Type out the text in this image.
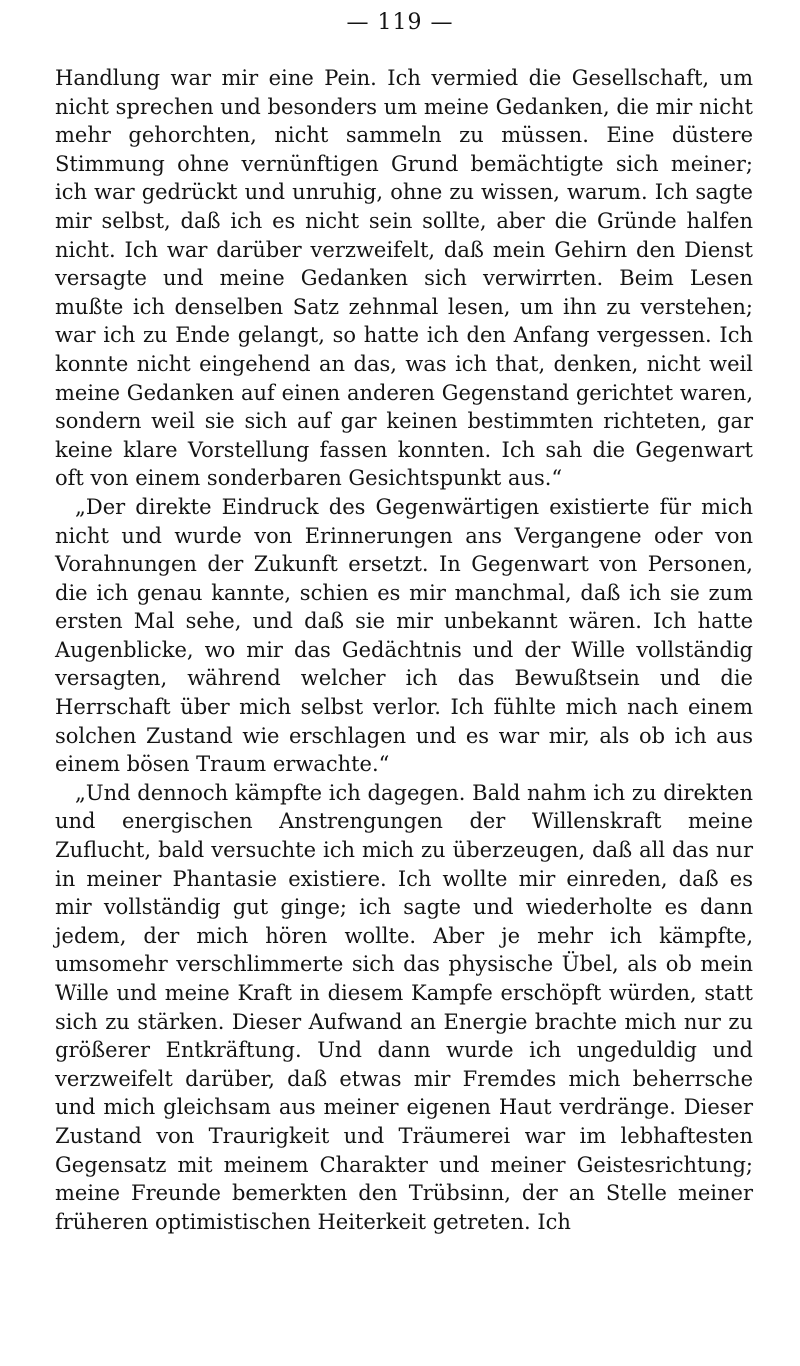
— 119 —

Handlung war mir eine Pein. Ich vermied die Gesellschaft, um nicht sprechen und besonders um meine Gedanken, die mir nicht mehr gehorchten, nicht sammeln zu müssen. Eine düstere Stimmung ohne vernünftigen Grund bemächtigte sich meiner; ich war gedrückt und unruhig, ohne zu wissen, warum. Ich sagte mir selbst, daß ich es nicht sein sollte, aber die Gründe halfen nicht. Ich war darüber verzweifelt, daß mein Gehirn den Dienst versagte und meine Gedanken sich verwirrten. Beim Lesen mußte ich denselben Satz zehnmal lesen, um ihn zu verstehen; war ich zu Ende gelangt, so hatte ich den Anfang vergessen. Ich konnte nicht eingehend an das, was ich that, denken, nicht weil meine Gedanken auf einen anderen Gegenstand gerichtet waren, sondern weil sie sich auf gar keinen bestimmten richteten, gar keine klare Vorstellung fassen konnten. Ich sah die Gegenwart oft von einem sonderbaren Gesichtspunkt aus.“

„Der direkte Eindruck des Gegenwärtigen existierte für mich nicht und wurde von Erinnerungen ans Vergangene oder von Vorahnungen der Zukunft ersetzt. In Gegenwart von Personen, die ich genau kannte, schien es mir manchmal, daß ich sie zum ersten Mal sehe, und daß sie mir unbekannt wären. Ich hatte Augenblicke, wo mir das Gedächtnis und der Wille vollständig versagten, während welcher ich das Bewußtsein und die Herrschaft über mich selbst verlor. Ich fühlte mich nach einem solchen Zustand wie erschlagen und es war mir, als ob ich aus einem bösen Traum erwachte.“

„Und dennoch kämpfte ich dagegen. Bald nahm ich zu direkten und energischen Anstrengungen der Willenskraft meine Zuflucht, bald versuchte ich mich zu überzeugen, daß all das nur in meiner Phantasie existiere. Ich wollte mir einreden, daß es mir vollständig gut ginge; ich sagte und wiederholte es dann jedem, der mich hören wollte. Aber je mehr ich kämpfte, umsomehr verschlimmerte sich das physische Übel, als ob mein Wille und meine Kraft in diesem Kampfe erschöpft würden, statt sich zu stärken. Dieser Aufwand an Energie brachte mich nur zu größerer Entkräftung. Und dann wurde ich ungeduldig und verzweifelt darüber, daß etwas mir Fremdes mich beherrsche und mich gleichsam aus meiner eigenen Haut verdränge. Dieser Zustand von Traurigkeit und Träumerei war im lebhaftesten Gegensatz mit meinem Charakter und meiner Geistesrichtung; meine Freunde bemerkten den Trübsinn, der an Stelle meiner früheren optimistischen Heiterkeit getreten. Ich
